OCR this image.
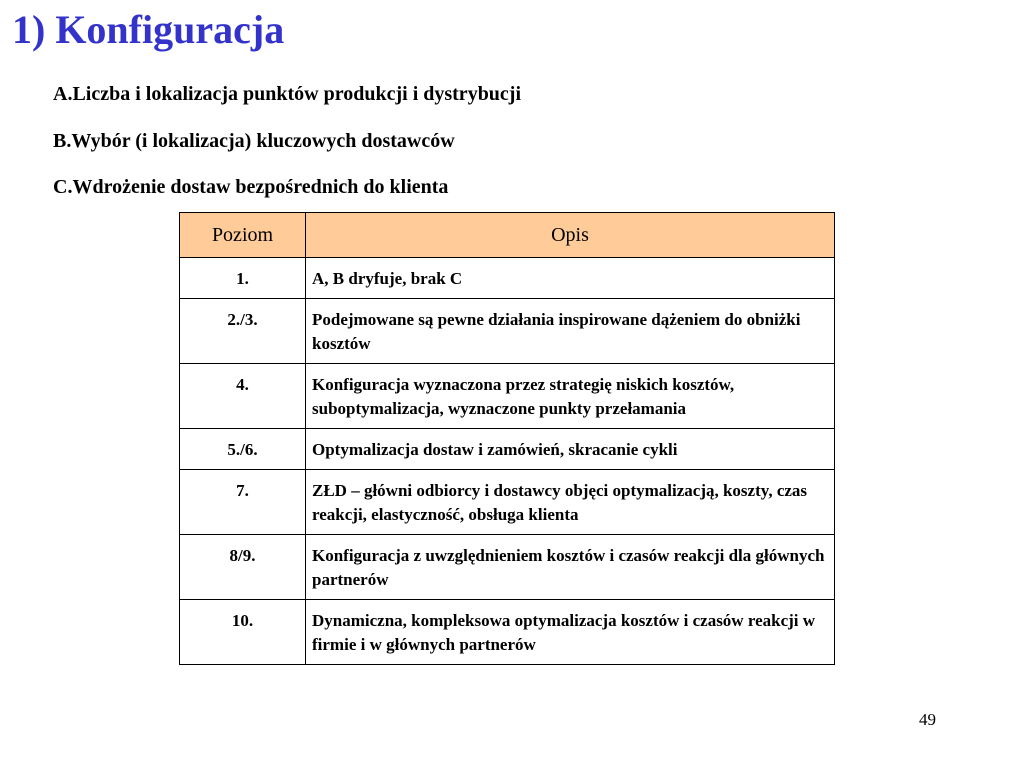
1) Konfiguracja
A.Liczba i lokalizacja punktów produkcji i dystrybucji
B.Wybór (i lokalizacja) kluczowych dostawców
C.Wdrożenie dostaw bezpośrednich do klienta
Poziom	Opis
1.	A, B dryfuje, brak C
2./3.	Podejmowane są pewne działania inspirowane dążeniem do obniżki kosztów
4.	Konfiguracja wyznaczona przez strategię niskich kosztów, suboptymalizacja, wyznaczone punkty przełamania
5./6.	Optymalizacja dostaw i zamówień, skracanie cykli
7.	ZŁD – główni odbiorcy i dostawcy objęci optymalizacją, koszty, czas reakcji, elastyczność, obsługa klienta
8/9.	Konfiguracja z uwzględnieniem kosztów i czasów reakcji dla głównych partnerów
10.	Dynamiczna, kompleksowa optymalizacja kosztów i czasów reakcji w firmie i w głównych partnerów
49
